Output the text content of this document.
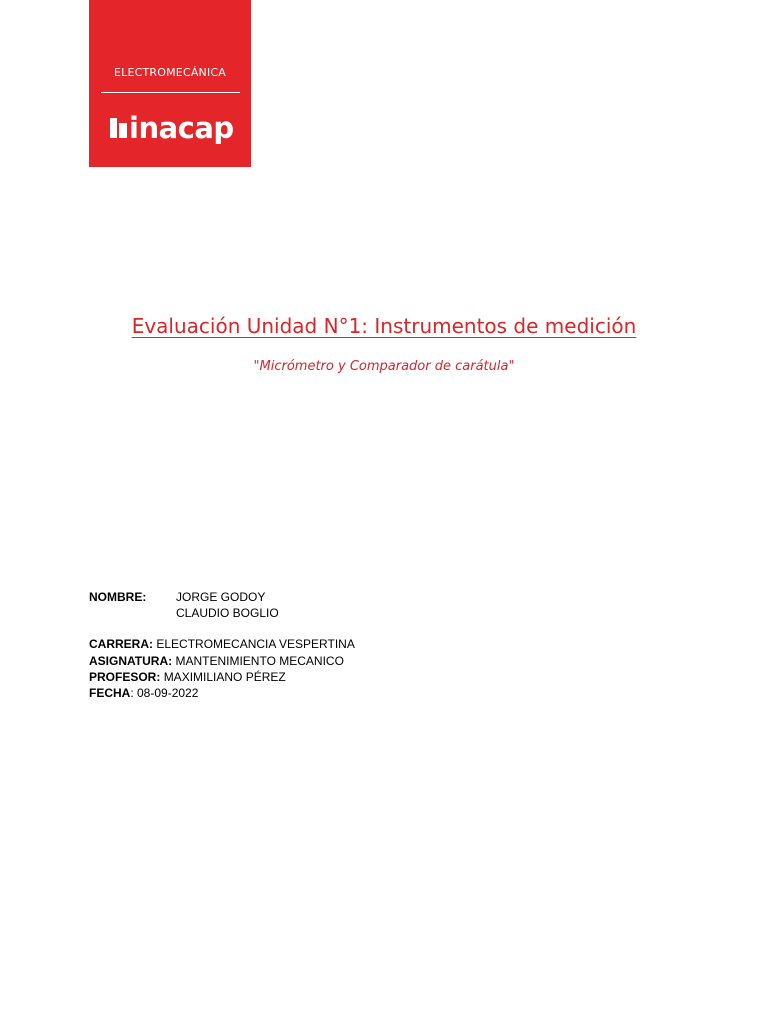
ELECTROMECÁNICA
inacap
Evaluación Unidad N°1: Instrumentos de medición
"Micrómetro y Comparador de carátula"
NOMBRE: JORGE GODOY
CLAUDIO BOGLIO
CARRERA: ELECTROMECANCIA VESPERTINA
ASIGNATURA: MANTENIMIENTO MECANICO
PROFESOR: MAXIMILIANO PÉREZ
FECHA: 08-09-2022
